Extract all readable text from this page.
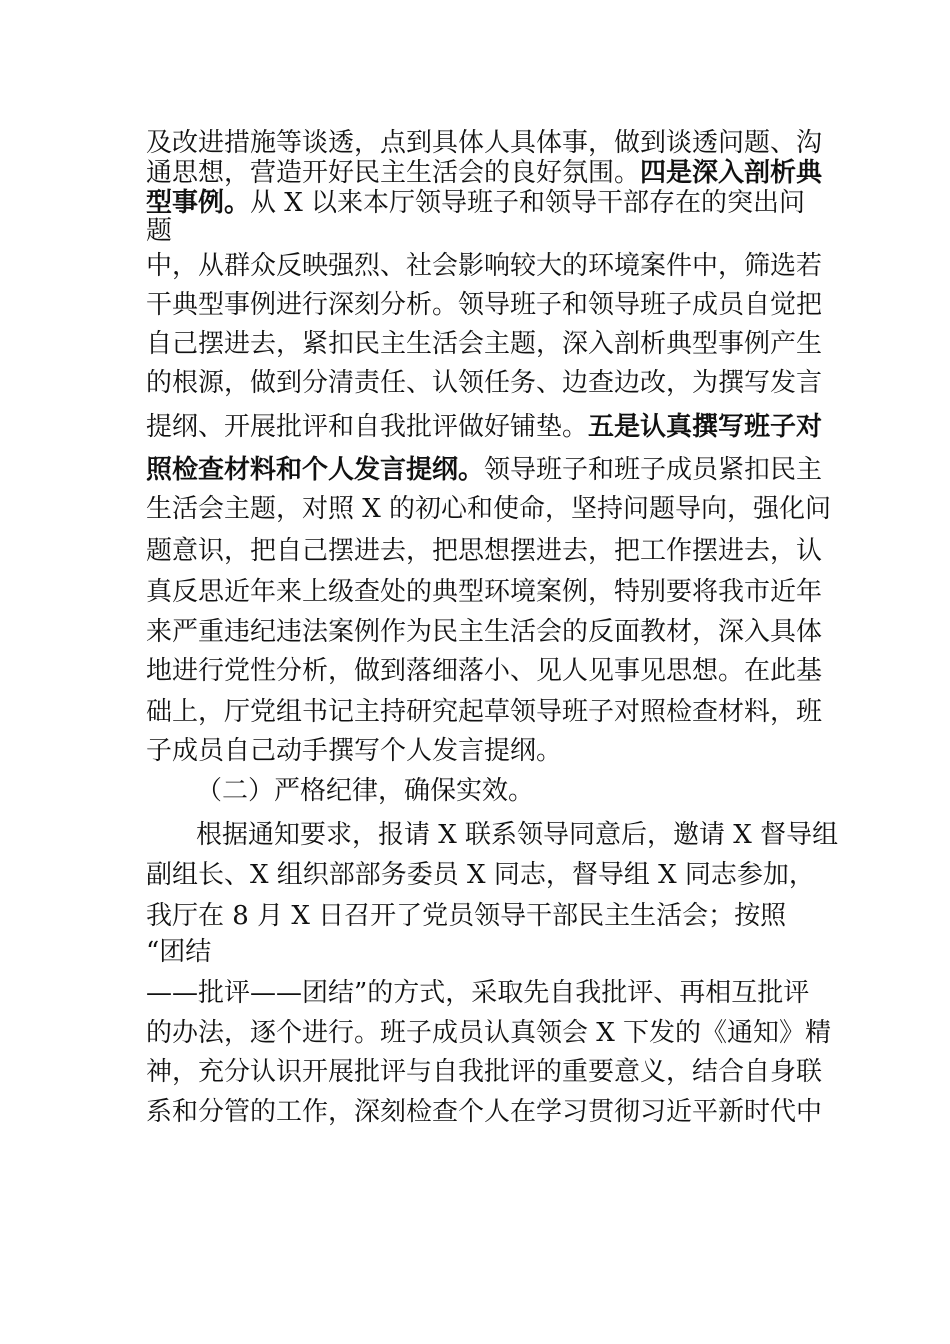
及改进措施等谈透，点到具体人具体事，做到谈透问题、沟
通思想，营造开好民主生活会的良好氛围。四是深入剖析典
型事例。从 X 以来本厅领导班子和领导干部存在的突出问
题
中，从群众反映强烈、社会影响较大的环境案件中，筛选若
干典型事例进行深刻分析。领导班子和领导班子成员自觉把
自己摆进去，紧扣民主生活会主题，深入剖析典型事例产生
的根源，做到分清责任、认领任务、边查边改，为撰写发言
提纲、开展批评和自我批评做好铺垫。五是认真撰写班子对
照检查材料和个人发言提纲。领导班子和班子成员紧扣民主
生活会主题，对照 X 的初心和使命，坚持问题导向，强化问
题意识，把自己摆进去，把思想摆进去，把工作摆进去，认
真反思近年来上级查处的典型环境案例，特别要将我市近年
来严重违纪违法案例作为民主生活会的反面教材，深入具体
地进行党性分析，做到落细落小、见人见事见思想。在此基
础上，厅党组书记主持研究起草领导班子对照检查材料，班
子成员自己动手撰写个人发言提纲。
（二）严格纪律，确保实效。
根据通知要求，报请 X 联系领导同意后，邀请 X 督导组
副组长、X 组织部部务委员 X 同志，督导组 X 同志参加，
我厅在 8 月 X 日召开了党员领导干部民主生活会；按照
“团结
——批评——团结”的方式，采取先自我批评、再相互批评
的办法，逐个进行。班子成员认真领会 X 下发的《通知》精
神，充分认识开展批评与自我批评的重要意义，结合自身联
系和分管的工作，深刻检查个人在学习贯彻习近平新时代中
